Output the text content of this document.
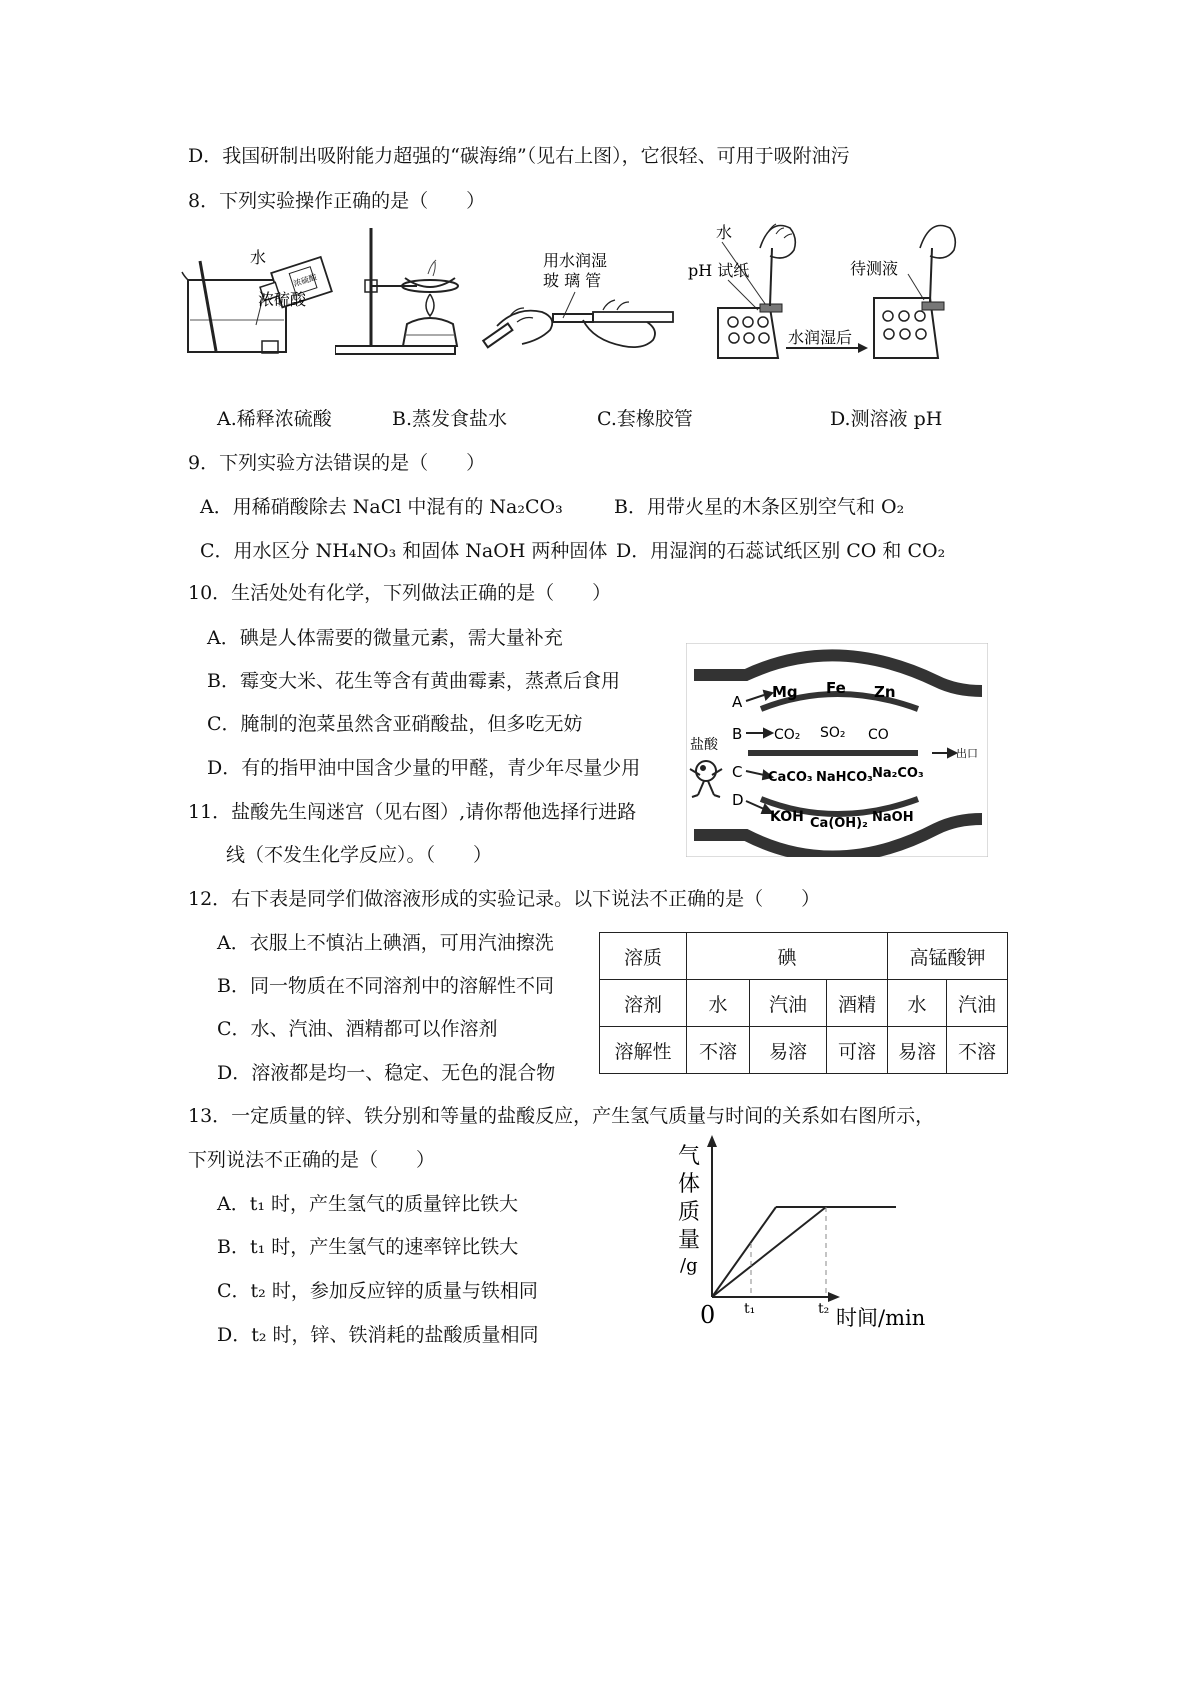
D．我国研制出吸附能力超强的“碳海绵”（见右上图），它很轻、可用于吸附油污
8．下列实验操作正确的是（　　）
浓硫酸
水
浓硫酸
用水润湿
玻 璃 管
水
pH 试纸
水润湿后
待测液
A.稀释浓硫酸	B.蒸发食盐水	C.套橡胶管	D.测溶液 pH
9．下列实验方法错误的是（　　）
A．用稀硝酸除去 NaCl 中混有的 Na₂CO₃	B．用带火星的木条区别空气和 O₂
C．用水区分 NH₄NO₃ 和固体 NaOH 两种固体 D．用湿润的石蕊试纸区别 CO 和 CO₂
10．生活处处有化学，下列做法正确的是（　　）
A．碘是人体需要的微量元素，需大量补充
B．霉变大米、花生等含有黄曲霉素，蒸煮后食用
C．腌制的泡菜虽然含亚硝酸盐，但多吃无妨
D．有的指甲油中国含少量的甲醛，青少年尽量少用
11．盐酸先生闯迷宫（见右图）,请你帮他选择行进路
线（不发生化学反应）。（　　）
A
B
C
D
Mg Fe Zn
CO₂ SO₂ CO
CaCO₃ NaHCO₃ Na₂CO₃
KOH Ca(OH)₂ NaOH
出口
盐酸
12．右下表是同学们做溶液形成的实验记录。以下说法不正确的是（　　）
A．衣服上不慎沾上碘酒，可用汽油擦洗
B．同一物质在不同溶剂中的溶解性不同
C．水、汽油、酒精都可以作溶剂
D．溶液都是均一、稳定、无色的混合物
溶质	碘			高锰酸钾	
溶剂	水	汽油	酒精	水	汽油
溶解性	不溶	易溶	可溶	易溶	不溶
13．一定质量的锌、铁分别和等量的盐酸反应，产生氢气质量与时间的关系如右图所示，
下列说法不正确的是（　　）
A．t₁ 时，产生氢气的质量锌比铁大
B．t₁ 时，产生氢气的速率锌比铁大
C．t₂ 时，参加反应锌的质量与铁相同
D．t₂ 时，锌、铁消耗的盐酸质量相同
气
体
质
量
/g
0 t₁	t₂ 时间/min
